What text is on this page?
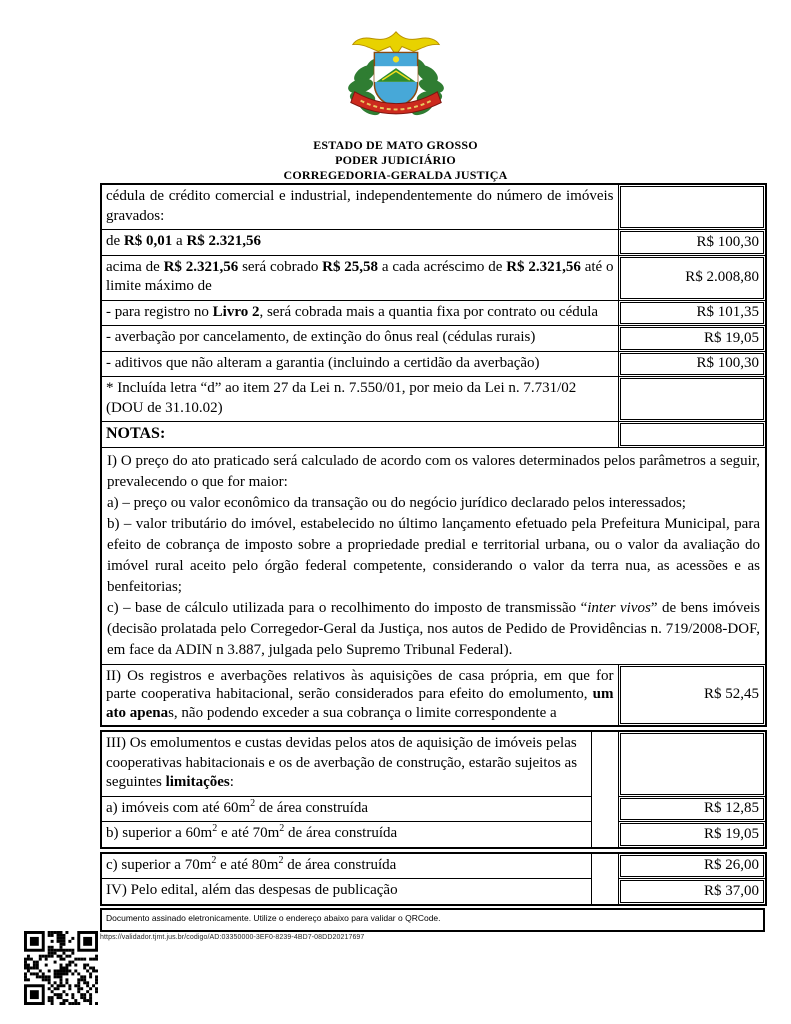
ESTADO DE MATO GROSSO
PODER JUDICIÁRIO
CORREGEDORIA-GERALDA JUSTIÇA
cédula de crédito comercial e industrial, independentemente do número de imóveis gravados:	

de R$ 0,01 a R$ 2.321,56	R$ 100,30

acima de R$ 2.321,56 será cobrado R$ 25,58 a cada acréscimo de R$ 2.321,56 até o limite máximo de	R$ 2.008,80

- para registro no Livro 2, será cobrada mais a quantia fixa por contrato ou cédula	R$ 101,35

- averbação por cancelamento, de extinção do ônus real (cédulas rurais)	R$ 19,05

- aditivos que não alteram a garantia (incluindo a certidão da averbação)	R$ 100,30

* Incluída letra “d” ao item 27 da Lei n. 7.550/01, por meio da Lei n. 7.731/02 (DOU de 31.10.02)	

NOTAS:	

I) O preço do ato praticado será calculado de acordo com os valores determinados pelos parâmetros a seguir, prevalecendo o que for maior:

a) – preço ou valor econômico da transação ou do negócio jurídico declarado pelos interessados;

b) – valor tributário do imóvel, estabelecido no último lançamento efetuado pela Prefeitura Municipal, para efeito de cobrança de imposto sobre a propriedade predial e territorial urbana, ou o valor da avaliação do imóvel rural aceito pelo órgão federal competente, considerando o valor da terra nua, as acessões e as benfeitorias;

c) – base de cálculo utilizada para o recolhimento do imposto de transmissão “inter vivos” de bens imóveis (decisão prolatada pelo Corregedor-Geral da Justiça, nos autos de Pedido de Providências n. 719/2008-DOF, em face da ADIN n 3.887, julgada pelo Supremo Tribunal Federal).	

II) Os registros e averbações relativos às aquisições de casa própria, em que for parte cooperativa habitacional, serão considerados para efeito do emolumento, um ato apenas, não podendo exceder a sua cobrança o limite correspondente a	R$ 52,45
III) Os emolumentos e custas devidas pelos atos de aquisição de imóveis pelas cooperativas habitacionais e os de averbação de construção, estarão sujeitos as seguintes limitações:		

a) imóveis com até $60m^2$ de área construída		R$ 12,85

b) superior a $60m^2$ e até $70m^2$ de área construída		R$ 19,05
c) superior a $70m^2$ e até $80m^2$ de área construída		R$ 26,00

IV) Pelo edital, além das despesas de publicação		R$ 37,00
Documento assinado eletronicamente. Utilize o endereço abaixo para validar o QRCode.
https://validador.tjmt.jus.br/codigo/AD:03350000-3EF0-8239-4BD7-08DD20217697
